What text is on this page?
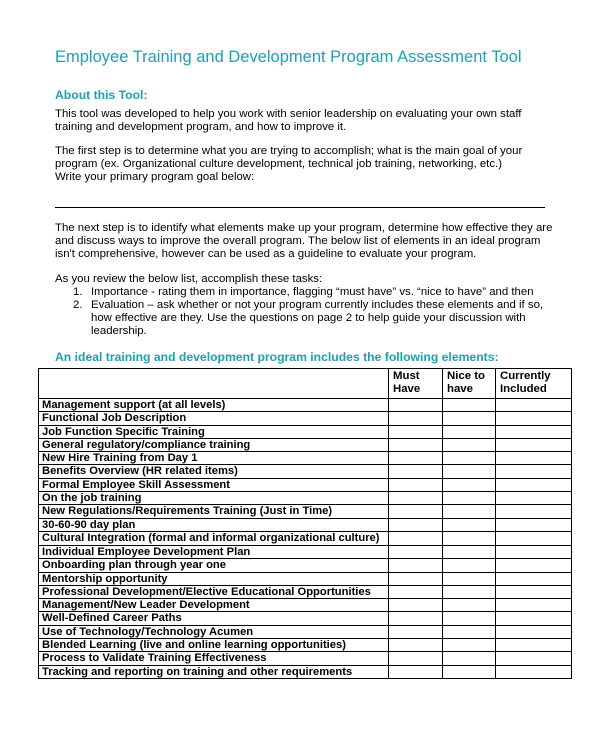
Employee Training and Development Program Assessment Tool
About this Tool:
This tool was developed to help you work with senior leadership on evaluating your own staff
training and development program, and how to improve it.
The first step is to determine what you are trying to accomplish; what is the main goal of your
program (ex. Organizational culture development, technical job training, networking, etc.)
Write your primary program goal below:
The next step is to identify what elements make up your program, determine how effective they are
and discuss ways to improve the overall program. The below list of elements in an ideal program
isn't comprehensive, however can be used as a guideline to evaluate your program.
As you review the below list, accomplish these tasks:
1. Importance - rating them in importance, flagging “must have” vs. “nice to have” and then
2. Evaluation – ask whether or not your program currently includes these elements and if so,
how effective are they. Use the questions on page 2 to help guide your discussion with
leadership.
An ideal training and development program includes the following elements:
	Must Have	Nice to have	Currently Included
Management support (at all levels)			
Functional Job Description			
Job Function Specific Training			
General regulatory/compliance training			
New Hire Training from Day 1			
Benefits Overview (HR related items)			
Formal Employee Skill Assessment			
On the job training			
New Regulations/Requirements Training (Just in Time)			
30-60-90 day plan			
Cultural Integration (formal and informal organizational culture)			
Individual Employee Development Plan			
Onboarding plan through year one			
Mentorship opportunity			
Professional Development/Elective Educational Opportunities			
Management/New Leader Development			
Well-Defined Career Paths			
Use of Technology/Technology Acumen			
Blended Learning (live and online learning opportunities)			
Process to Validate Training Effectiveness			
Tracking and reporting on training and other requirements			
